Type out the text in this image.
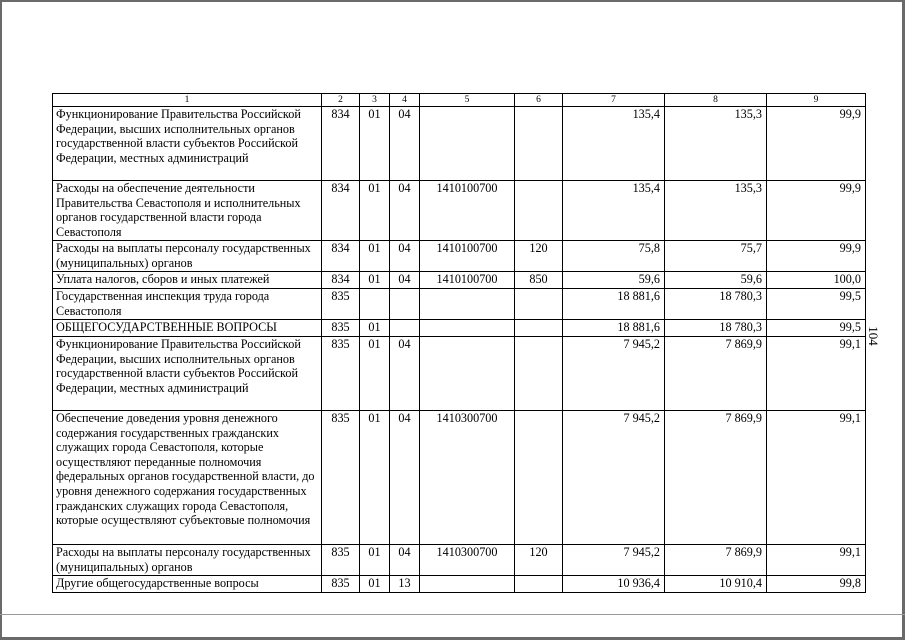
1	2	3	4	5	6	7	8	9
Функционирование Правительства Российской Федерации, высших исполнительных органов государственной власти субъектов Российской Федерации, местных администраций	834	01	04			135,4	135,3	99,9
Расходы на обеспечение деятельности Правительства Севастополя и исполнительных органов государственной власти города Севастополя	834	01	04	1410100700		135,4	135,3	99,9
Расходы на выплаты персоналу государственных (муниципальных) органов	834	01	04	1410100700	120	75,8	75,7	99,9
Уплата налогов, сборов и иных платежей	834	01	04	1410100700	850	59,6	59,6	100,0
Государственная инспекция труда города Севастополя	835					18 881,6	18 780,3	99,5
ОБЩЕГОСУДАРСТВЕННЫЕ ВОПРОСЫ	835	01				18 881,6	18 780,3	99,5
Функционирование Правительства Российской Федерации, высших исполнительных органов государственной власти субъектов Российской Федерации, местных администраций	835	01	04			7 945,2	7 869,9	99,1
Обеспечение доведения уровня денежного содержания государственных гражданских служащих города Севастополя, которые осуществляют переданные полномочия федеральных органов государственной власти, до уровня денежного содержания государственных гражданских служащих города Севастополя, которые осуществляют субъектовые полномочия	835	01	04	1410300700		7 945,2	7 869,9	99,1
Расходы на выплаты персоналу государственных (муниципальных) органов	835	01	04	1410300700	120	7 945,2	7 869,9	99,1
Другие общегосударственные вопросы	835	01	13			10 936,4	10 910,4	99,8
104
